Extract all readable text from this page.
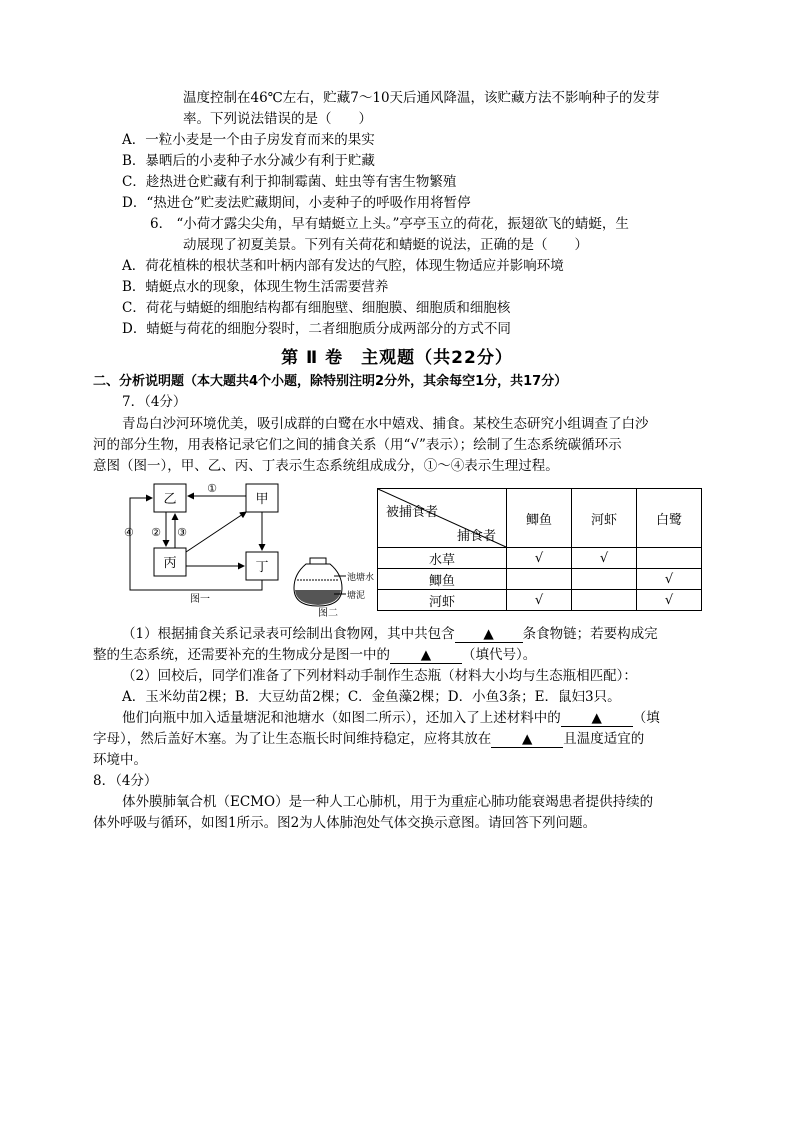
温度控制在46℃左右，贮藏7～10天后通风降温，该贮藏方法不影响种子的发芽
率。下列说法错误的是（　　）
A．一粒小麦是一个由子房发育而来的果实
B．暴晒后的小麦种子水分减少有利于贮藏
C．趁热进仓贮藏有利于抑制霉菌、蛀虫等有害生物繁殖
D．“热进仓”贮麦法贮藏期间，小麦种子的呼吸作用将暂停
6． “小荷才露尖尖角，早有蜻蜓立上头。”亭亭玉立的荷花，振翅欲飞的蜻蜓，生
动展现了初夏美景。下列有关荷花和蜻蜓的说法，正确的是（　　）
A．荷花植株的根状茎和叶柄内部有发达的气腔，体现生物适应并影响环境
B．蜻蜓点水的现象，体现生物生活需要营养
C．荷花与蜻蜓的细胞结构都有细胞壁、细胞膜、细胞质和细胞核
D．蜻蜓与荷花的细胞分裂时，二者细胞质分成两部分的方式不同
第 Ⅱ 卷　主观题（共22分）
二、分析说明题（本大题共4个小题，除特别注明2分外，其余每空1分，共17分）
7．（4分）
青岛白沙河环境优美，吸引成群的白鹭在水中嬉戏、捕食。某校生态研究小组调查了白沙
河的部分生物，用表格记录它们之间的捕食关系（用“√”表示）；绘制了生态系统碳循环示
意图（图一），甲、乙、丙、丁表示生态系统组成成分，①～④表示生理过程。
乙	甲
丙	丁
①
② ③
④
图一
池塘水
塘泥
图二
被捕食者
捕食者	鲫鱼	河虾	白鹭
水草	√	√	
鲫鱼			√
河虾	√		√
（1）根据捕食关系记录表可绘制出食物网，其中共包含 ▲ 条食物链；若要构成完
整的生态系统，还需要补充的生物成分是图一中的 ▲ （填代号）。
（2）回校后，同学们准备了下列材料动手制作生态瓶（材料大小均与生态瓶相匹配）：
A．玉米幼苗2棵；B．大豆幼苗2棵；C．金鱼藻2棵；D．小鱼3条；E．鼠妇3只。
他们向瓶中加入适量塘泥和池塘水（如图二所示），还加入了上述材料中的 ▲ （填
字母），然后盖好木塞。为了让生态瓶长时间维持稳定，应将其放在 ▲ 且温度适宜的
环境中。
8．（4分）
体外膜肺氧合机（ECMO）是一种人工心肺机，用于为重症心肺功能衰竭患者提供持续的
体外呼吸与循环，如图1所示。图2为人体肺泡处气体交换示意图。请回答下列问题。
